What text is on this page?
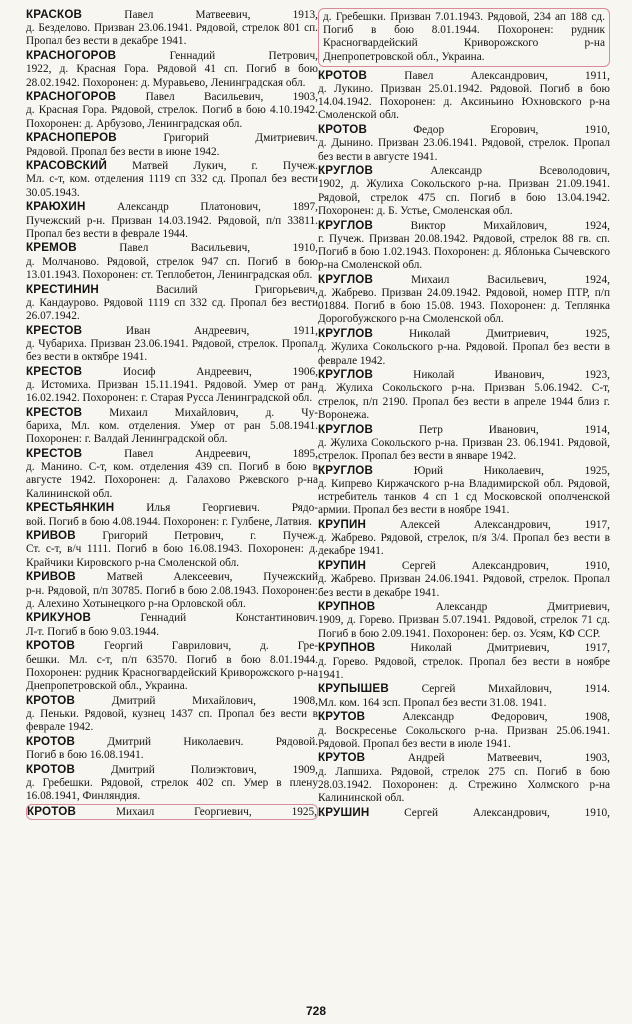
КРАСКОВ Павел Матвеевич, 1913,
д. Безделово. Призван 23.06.1941. Рядовой, стрелок 801 сп. Пропал без вести в декабре 1941.

КРАСНОГОРОВ Геннадий Петрович,
1922, д. Красная Гора. Рядовой 41 сп. Погиб в бою 28.02.1942. Похоронен: д. Муравьево, Ленинградская обл.

КРАСНОГОРОВ Павел Васильевич, 1903,
д. Красная Гора. Рядовой, стрелок. Погиб в бою 4.10.1942. Похоронен: д. Арбузово, Ленинградская обл.

КРАСНОПЕРОВ Григорий Дмитриевич.
Рядовой. Пропал без вести в июне 1942.

КРАСОВСКИЙ Матвей Лукич, г. Пучеж.
Мл. с-т, ком. отделения 1119 сп 332 сд. Пропал без вести 30.05.1943.

КРАЮХИН Александр Платонович, 1897,
Пучежский р-н. Призван 14.03.1942. Рядовой, п/п 33811. Пропал без вести в феврале 1944.

КРЕМОВ Павел Васильевич, 1910,
д. Молчаново. Рядовой, стрелок 947 сп. Погиб в бою 13.01.1943. Похоронен: ст. Теплобетон, Ленинградская обл.

КРЕСТИНИН Василий Григорьевич,
д. Кандаурово. Рядовой 1119 сп 332 сд. Пропал без вести 26.07.1942.

КРЕСТОВ Иван Андреевич, 1911,
д. Чубариха. Призван 23.06.1941. Рядовой, стрелок. Пропал без вести в октябре 1941.

КРЕСТОВ Иосиф Андреевич, 1906,
д. Истомиха. Призван 15.11.1941. Рядовой. Умер от ран 16.02.1942. Похоронен: г. Старая Русса Ленинградской обл.

КРЕСТОВ Михаил Михайлович, д. Чу-
бариха, Мл. ком. отделения. Умер от ран 5.08.1941. Похоронен: г. Валдай Ленинградской обл.

КРЕСТОВ Павел Андреевич, 1895,
д. Манино. С-т, ком. отделения 439 сп. Погиб в бою в августе 1942. Похоронен: д. Галахово Ржевского р-на Калининской обл.

КРЕСТЬЯНКИН Илья Георгиевич. Рядо-
вой. Погиб в бою 4.08.1944. Похоронен: г. Гулбене, Латвия.

КРИВОВ Григорий Петрович, г. Пучеж.
Ст. с-т, в/ч 1111. Погиб в бою 16.08.1943. Похоронен: д. Крайчики Кировского р-на Смоленской обл.

КРИВОВ Матвей Алексеевич, Пучежский
р-н. Рядовой, п/п 30785. Погиб в бою 2.08.1943. Похоронен: д. Алехино Хотынецкого р-на Орловской обл.

КРИКУНОВ Геннадий Константинович.
Л-т. Погиб в бою 9.03.1944.

КРОТОВ Георгий Гаврилович, д. Гре-
бешки. Мл. с-т, п/п 63570. Погиб в бою 8.01.1944. Похоронен: рудник Красногвардейский Криворожского р-на Днепропетровской обл., Украина.

КРОТОВ Дмитрий Михайлович, 1908,
д. Пеньки. Рядовой, кузнец 1437 сп. Пропал без вести в феврале 1942.

КРОТОВ Дмитрий Николаевич. Рядовой.
Погиб в бою 16.08.1941.

КРОТОВ Дмитрий Полиэктович, 1909,
д. Гребешки. Рядовой, стрелок 402 сп. Умер в плену 16.08.1941, Финляндия.

КРОТОВ Михаил Георгиевич, 1925,

д. Гребешки. Призван 7.01.1943. Рядовой, 234 ап 188 сд. Погиб в бою 8.01.1944. Похоронен: рудник Красногвардейский Криворожского р-на Днепропетровской обл., Украина.

КРОТОВ Павел Александрович, 1911,
д. Лукино. Призван 25.01.1942. Рядовой. Погиб в бою 14.04.1942. Похоронен: д. Аксиньино Юхновского р-на Смоленской обл.

КРОТОВ Федор Егорович, 1910,
д. Дынино. Призван 23.06.1941. Рядовой, стрелок. Пропал без вести в августе 1941.

КРУГЛОВ Александр Всеволодович,
1902, д. Жулиха Сокольского р-на. Призван 21.09.1941. Рядовой, стрелок 475 сп. Погиб в бою 13.04.1942. Похоронен: д. Б. Устье, Смоленская обл.

КРУГЛОВ Виктор Михайлович, 1924,
г. Пучеж. Призван 20.08.1942. Рядовой, стрелок 88 гв. сп. Погиб в бою 1.02.1943. Похоронен: д. Яблонька Сычевского р-на Смоленской обл.

КРУГЛОВ Михаил Васильевич, 1924,
д. Жабрево. Призван 24.09.1942. Рядовой, номер ПТР, п/п 01884. Погиб в бою 15.08. 1943. Похоронен: д. Теплянка Дорогобужского р-на Смоленской обл.

КРУГЛОВ Николай Дмитриевич, 1925,
д. Жулиха Сокольского р-на. Рядовой. Пропал без вести в феврале 1942.

КРУГЛОВ Николай Иванович, 1923,
д. Жулиха Сокольского р-на. Призван 5.06.1942. С-т, стрелок, п/п 2190. Пропал без вести в апреле 1944 близ г. Воронежа.

КРУГЛОВ Петр Иванович, 1914,
д. Жулиха Сокольского р-на. Призван 23. 06.1941. Рядовой, стрелок. Пропал без вести в январе 1942.

КРУГЛОВ Юрий Николаевич, 1925,
д. Кипрево Киржачского р-на Владимирской обл. Рядовой, истребитель танков 4 сп 1 сд Московской ополченской армии. Пропал без вести в ноябре 1941.

КРУПИН Алексей Александрович, 1917,
д. Жабрево. Рядовой, стрелок, п/я 3/4. Пропал без вести в декабре 1941.

КРУПИН Сергей Александрович, 1910,
д. Жабрево. Призван 24.06.1941. Рядовой, стрелок. Пропал без вести в декабре 1941.

КРУПНОВ Александр Дмитриевич,
1909, д. Горево. Призван 5.07.1941. Рядовой, стрелок 71 сд. Погиб в бою 2.09.1941. Похоронен: бер. оз. Усям, КФ ССР.

КРУПНОВ Николай Дмитриевич, 1917,
д. Горево. Рядовой, стрелок. Пропал без вести в ноябре 1941.

КРУПЫШЕВ Сергей Михайлович, 1914.
Мл. ком. 164 зсп. Пропал без вести 31.08. 1941.

КРУТОВ Александр Федорович, 1908,
д. Воскресенье Сокольского р-на. Призван 25.06.1941. Рядовой. Пропал без вести в июле 1941.

КРУТОВ Андрей Матвеевич, 1903,
д. Лапшиха. Рядовой, стрелок 275 сп. Погиб в бою 28.03.1942. Похоронен: д. Стрежино Холмского р-на Калининской обл.

КРУШИН Сергей Александрович, 1910,

728
